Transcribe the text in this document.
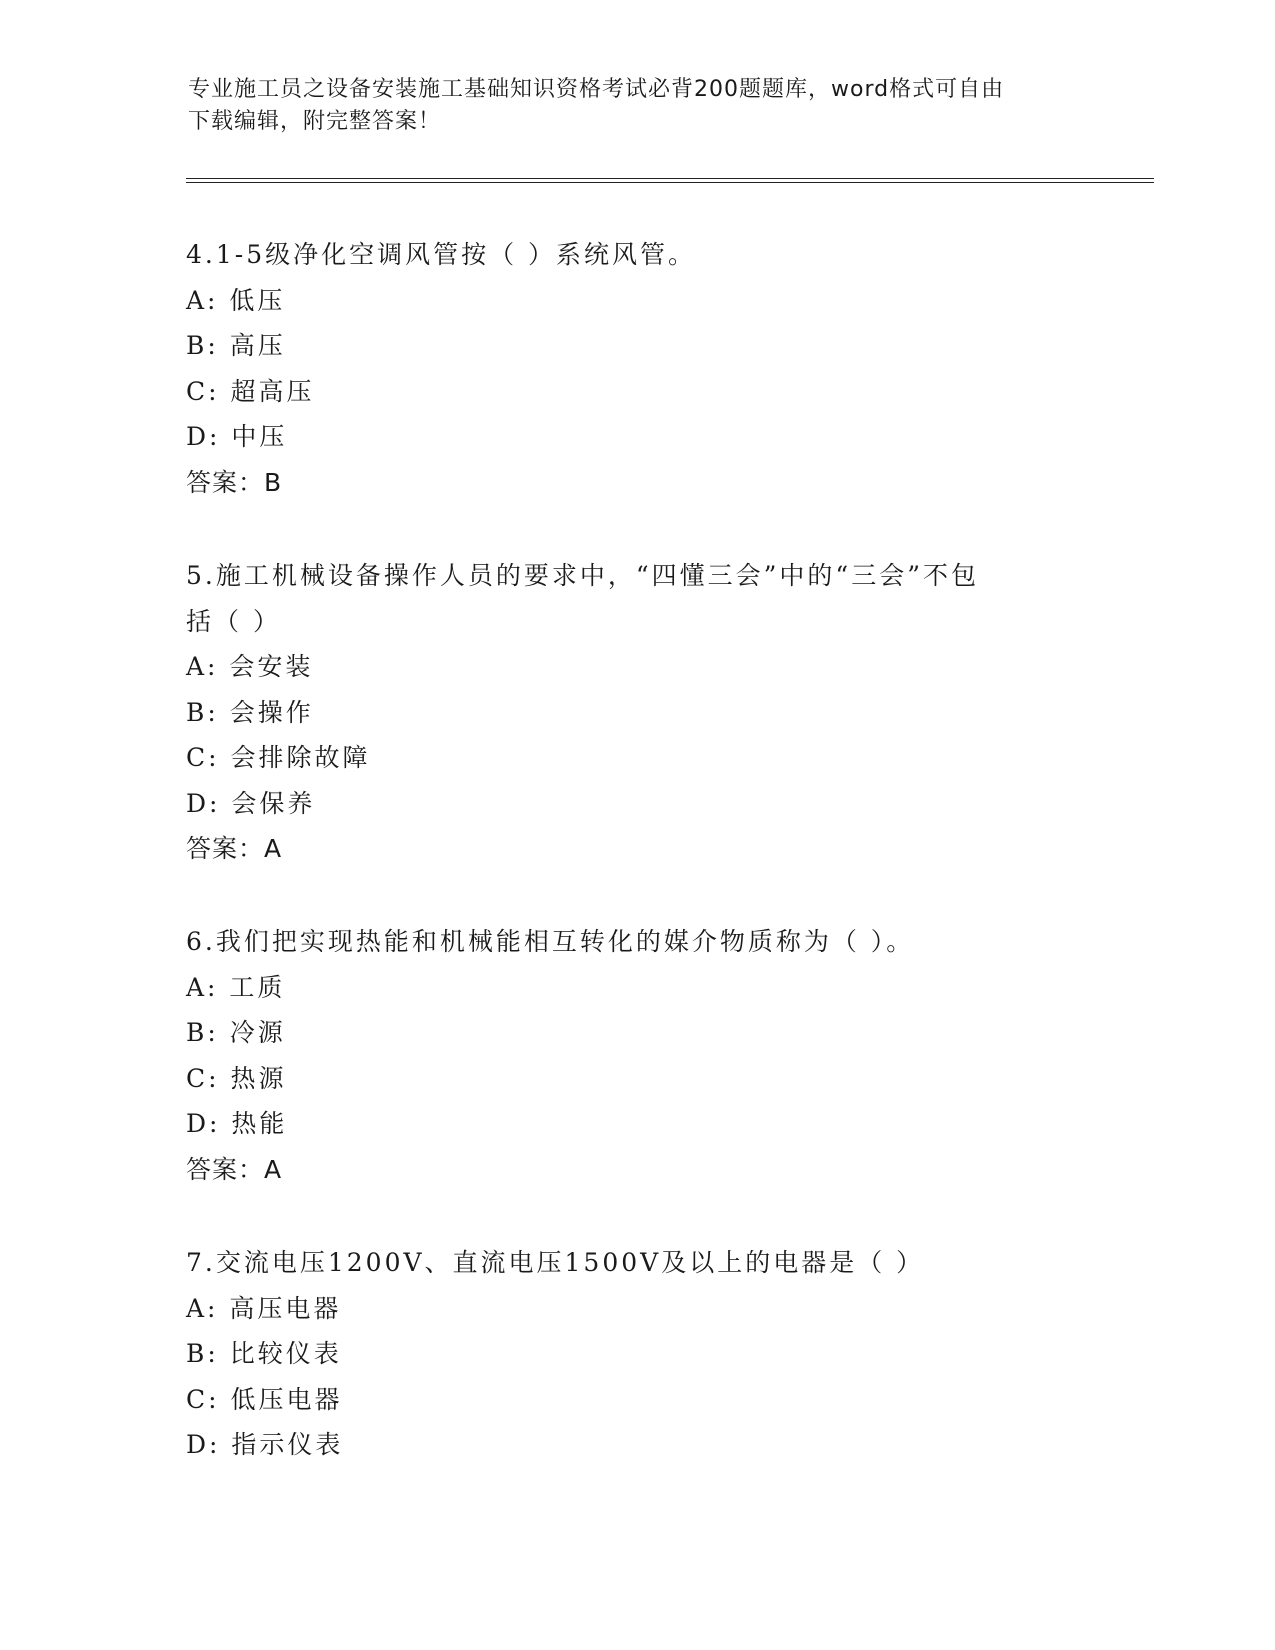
专业施工员之设备安装施工基础知识资格考试必背200题题库，word格式可自由
下载编辑，附完整答案！
4.1-5级净化空调风管按（ ）系统风管。
A: 低压
B: 高压
C: 超高压
D: 中压
答案：B
5.施工机械设备操作人员的要求中，“四懂三会”中的“三会”不包
括（ ）
A: 会安装
B: 会操作
C: 会排除故障
D: 会保养
答案：A
6.我们把实现热能和机械能相互转化的媒介物质称为（ ）。
A: 工质
B: 冷源
C: 热源
D: 热能
答案：A
7.交流电压1200V、直流电压1500V及以上的电器是（ ）
A: 高压电器
B: 比较仪表
C: 低压电器
D: 指示仪表
